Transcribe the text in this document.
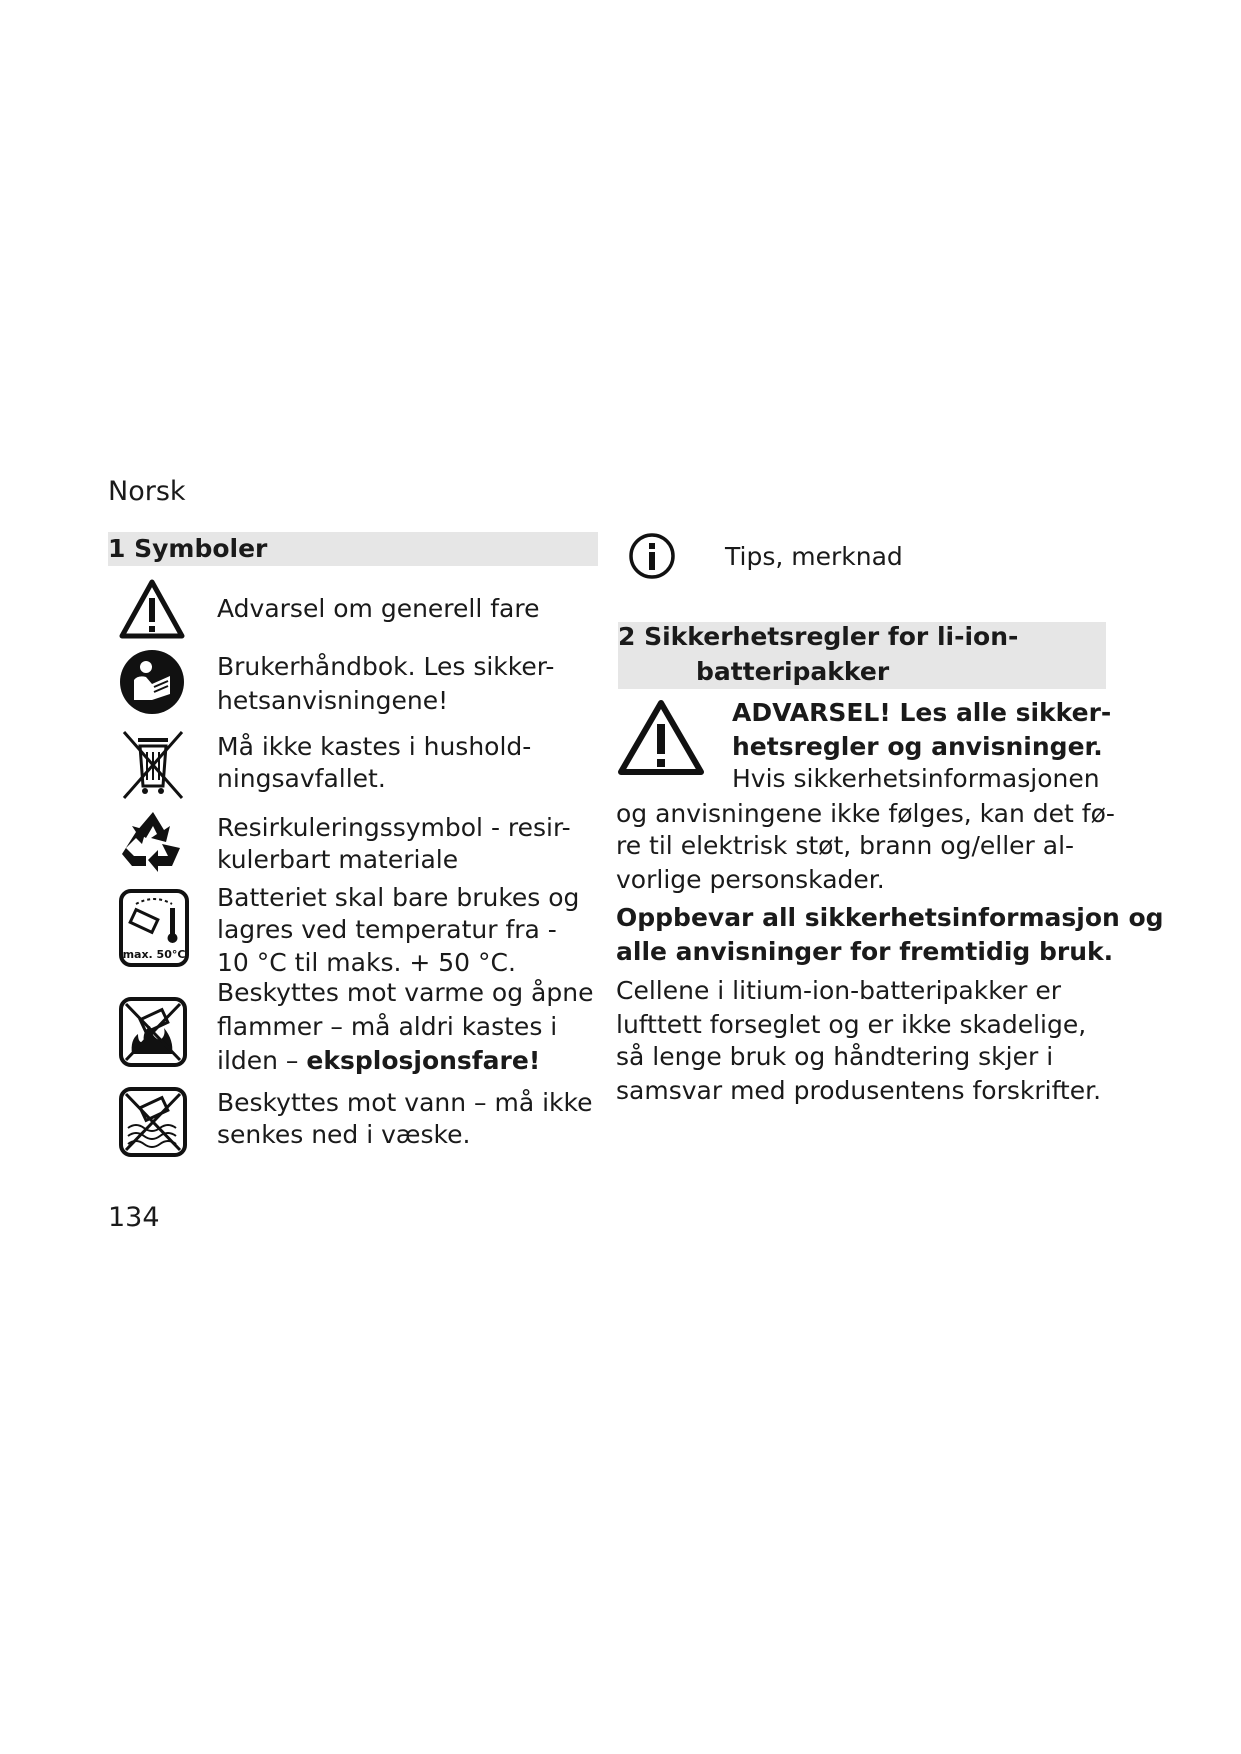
Norsk
1 Symboler
Advarsel om generell fare
Brukerhåndbok. Les sikker-
hetsanvisningene!
Må ikke kastes i hushold-
ningsavfallet.
Resirkuleringssymbol - resir-
kulerbart materiale
max. 50°C
Batteriet skal bare brukes og
lagres ved temperatur fra -
10 °C til maks. + 50 °C.
Beskyttes mot varme og åpne
flammer – må aldri kastes i
ilden – eksplosjonsfare!
Beskyttes mot vann – må ikke
senkes ned i væske.
Tips, merknad
2 Sikkerhetsregler for li-ion-
batteripakker
ADVARSEL! Les alle sikker-
hetsregler og anvisninger.
Hvis sikkerhetsinformasjonen
og anvisningene ikke følges, kan det fø-
re til elektrisk støt, brann og/eller al-
vorlige personskader.
Oppbevar all sikkerhetsinformasjon og
alle anvisninger for fremtidig bruk.
Cellene i litium-ion-batteripakker er
lufttett forseglet og er ikke skadelige,
så lenge bruk og håndtering skjer i
samsvar med produsentens forskrifter.
134
